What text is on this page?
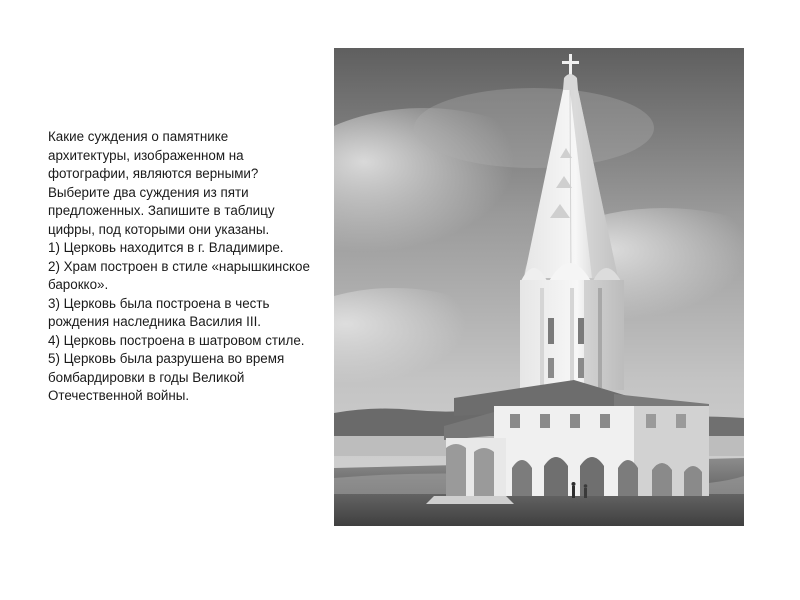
Какие суждения о памятнике архитектуры, изображенном на фотографии, являются верными? Выберите два суждения из пяти предложенных. Запишите в таблицу цифры, под которыми они указаны.

1) Церковь находится в г. Владимире.

2) Храм построен в стиле «нарышкинское барокко».

3) Церковь была построена в честь рождения наследника Василия III.

4) Церковь построена в шатровом стиле.

5) Церковь была разрушена во время бомбардировки в годы Великой Отечественной войны.
